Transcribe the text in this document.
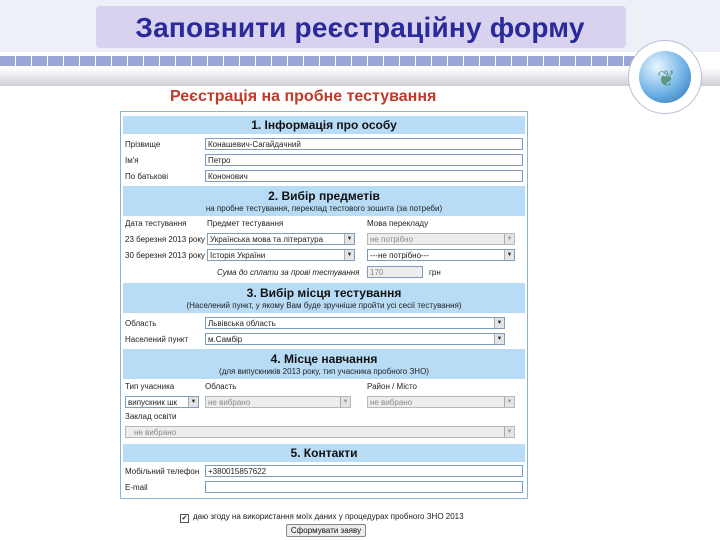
Заповнити реєстраційну форму
❦
Реєстрація на пробне тестування
1. Інформація про особу
Прізвище	Конашевич-Сагайдачний
Ім'я	Петро
По батькові	Кононович
2. Вибір предметів
на пробне тестування, переклад тестового зошита (за потреби)
Дата тестування	Предмет тестування	Мова перекладу
23 березня 2013 року Українська мова та література	▼	не потрібно	▼
30 березня 2013 року Історія України	▼	---не потрібно---	▼
Сума до сплати за прові тестування	170	грн
3. Вибір місця тестування
(Населений пункт, у якому Вам буде зручніше пройти усі сесії тестування)
Область	Львівська область	▼
Населений пункт	м.Самбір	▼
4. Місце навчання
(для випускників 2013 року, тип учасника пробного ЗНО)
Тип учасника	Область	Район / Місто
випускник шк	▼	не вибрано	▼	не вибрано	▼
Заклад освіти
не вибрано	▼
5. Контакти
Мобільний телефон	+380015857622
E-mail
✔ даю згоду на використання моїх даних у процедурах пробного ЗНО 2013
Сформувати заяву
